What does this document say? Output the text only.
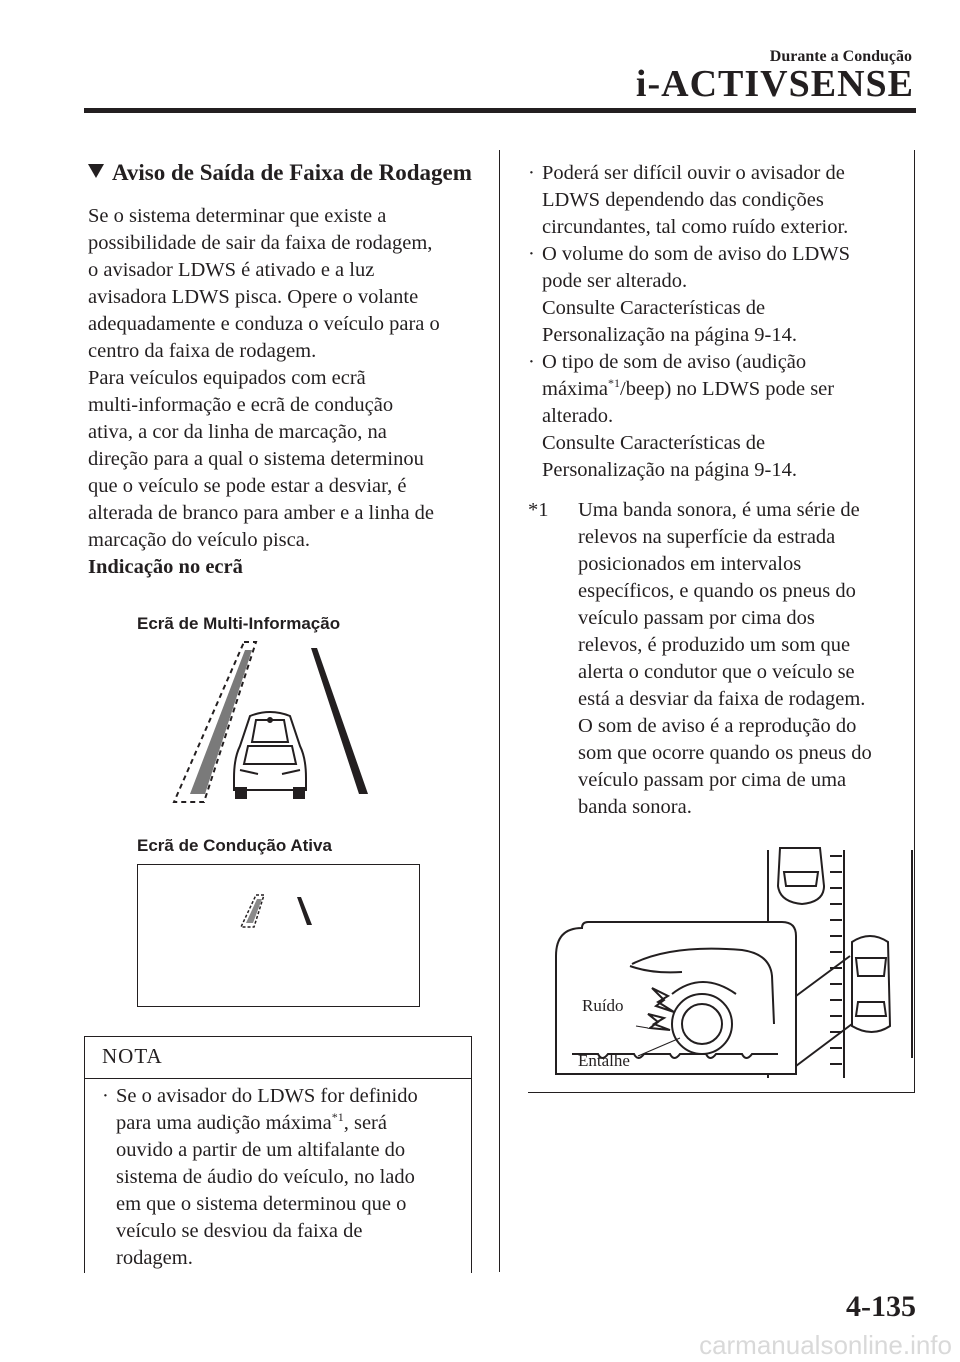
Durante a Condução
i-ACTIVSENSE
Aviso de Saída de Faixa de Rodagem

Se o sistema determinar que existe a
possibilidade de sair da faixa de rodagem,
o avisador LDWS é ativado e a luz
avisadora LDWS pisca. Opere o volante
adequadamente e conduza o veículo para o
centro da faixa de rodagem.

Para veículos equipados com ecrã
multi-informação e ecrã de condução
ativa, a cor da linha de marcação, na
direção para a qual o sistema determinou
que o veículo se pode estar a desviar, é
alterada de branco para amber e a linha de
marcação do veículo pisca.

Indicação no ecrã

Ecrã de Multi-Informação
Ecrã de Condução Ativa
NOTA
· Se o avisador do LDWS for definido
para uma audição máxima$^{*1}$, será
ouvido a partir de um altifalante do
sistema de áudio do veículo, no lado
em que o sistema determinou que o
veículo se desviou da faixa de
rodagem.
· Poderá ser difícil ouvir o avisador de
LDWS dependendo das condições
circundantes, tal como ruído exterior.
· O volume do som de aviso do LDWS
pode ser alterado.
Consulte Características de
Personalização na página 9-14.
· O tipo de som de aviso (audição
máxima$^{*1}$/beep) no LDWS pode ser
alterado.
Consulte Características de
Personalização na página 9-14.
*1 Uma banda sonora, é uma série de
relevos na superfície da estrada
posicionados em intervalos
específicos, e quando os pneus do
veículo passam por cima dos
relevos, é produzido um som que
alerta o condutor que o veículo se
está a desviar da faixa de rodagem.
O som de aviso é a reprodução do
som que ocorre quando os pneus do
veículo passam por cima de uma
banda sonora.
Ruído
Entalhe
4-135
carmanualsonline.info
